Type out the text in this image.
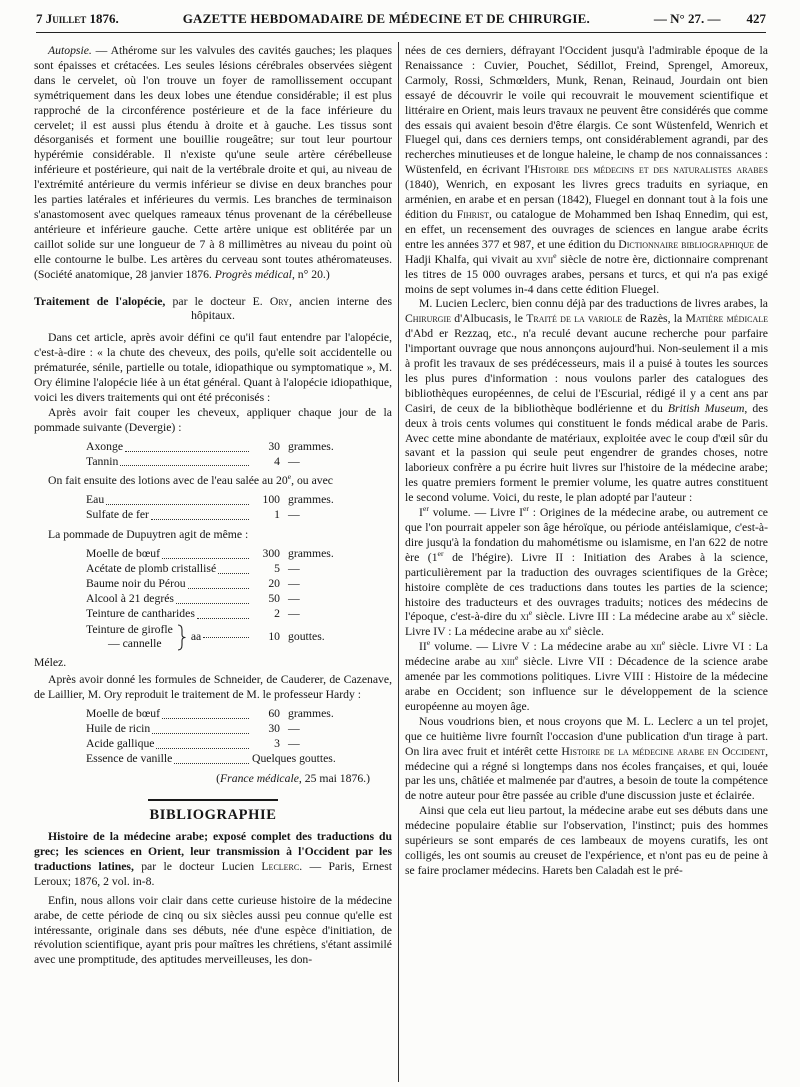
7 Juillet 1876.	GAZETTE HEBDOMADAIRE DE MÉDECINE ET DE CHIRURGIE.	— N° 27. — 427

Autopsie. — Athérome sur les valvules des cavités gauches; les plaques sont épaisses et crétacées. Les seules lésions cérébrales observées siègent dans le cervelet, où l'on trouve un foyer de ramollissement occupant symétriquement dans les deux lobes une étendue considérable; il est plus rapproché de la circonférence postérieure et de la face inférieure du cervelet; il est aussi plus étendu à droite et à gauche. Les tissus sont désorganisés et forment une bouillie rougeâtre; sur tout leur pourtour hypérémie considérable. Il n'existe qu'une seule artère cérébelleuse inférieure et postérieure, qui nait de la vertébrale droite et qui, au niveau de l'extrémité antérieure du vermis inférieur se divise en deux branches pour les parties latérales et inférieures du vermis. Les branches de terminaison s'anastomosent avec quelques rameaux ténus provenant de la cérébelleuse antérieure et inférieure gauche. Cette artère unique est oblitérée par un caillot solide sur une longueur de 7 à 8 millimètres au niveau du point où elle contourne le bulbe. Les artères du cerveau sont toutes athéromateuses. (Société anatomique, 28 janvier 1876. Progrès médical, n° 20.)

Traitement de l'alopécie, par le docteur E. Ory, ancien interne des hôpitaux.

Dans cet article, après avoir défini ce qu'il faut entendre par l'alopécie, c'est-à-dire : « la chute des cheveux, des poils, qu'elle soit accidentelle ou prématurée, sénile, partielle ou totale, idiopathique ou symptomatique », M. Ory élimine l'alopécie liée à un état général. Quant à l'alopécie idiopathique, voici les divers traitements qui ont été préconisés :

Après avoir fait couper les cheveux, appliquer chaque jour de la pommade suivante (Devergie) :

Axonge	30 grammes.
Tannin	4 —

On fait ensuite des lotions avec de l'eau salée au 20e, ou avec

Eau	100 grammes.
Sulfate de fer	1 —

La pommade de Dupuytren agit de même :

Moelle de bœuf	300 grammes.
Acétate de plomb cristallisé	5 —
Baume noir du Pérou	20 —
Alcool à 21 degrés	50 —
Teinture de cantharides	2 —
Teinture de girofle
— cannelle
aa	10 gouttes.

Mélez.

Après avoir donné les formules de Schneider, de Cauderer, de Cazenave, de Laillier, M. Ory reproduit le traitement de M. le professeur Hardy :

Moelle de bœuf	60 grammes.
Huile de ricin	30 —
Acide gallique	3 —
Essence de vanille	Quelques gouttes.

(France médicale, 25 mai 1876.)

BIBLIOGRAPHIE

Histoire de la médecine arabe; exposé complet des traductions du grec; les sciences en Orient, leur transmission à l'Occident par les traductions latines, par le docteur Lucien Leclerc. — Paris, Ernest Leroux; 1876, 2 vol. in-8.

Enfin, nous allons voir clair dans cette curieuse histoire de la médecine arabe, de cette période de cinq ou six siècles aussi peu connue qu'elle est intéressante, originale dans ses débuts, née d'une espèce d'initiation, de révolution scientifique, ayant pris pour maîtres les chrétiens, s'étant assimilé avec une promptitude, des aptitudes merveilleuses, les don-

nées de ces derniers, défrayant l'Occident jusqu'à l'admirable époque de la Renaissance : Cuvier, Pouchet, Sédillot, Freind, Sprengel, Amoreux, Carmoly, Rossi, Schmœlders, Munk, Renan, Reinaud, Jourdain ont bien essayé de découvrir le voile qui recouvrait le mouvement scientifique et littéraire en Orient, mais leurs travaux ne peuvent être considérés que comme des essais qui avaient besoin d'être élargis. Ce sont Wüstenfeld, Wenrich et Fluegel qui, dans ces derniers temps, ont considérablement agrandi, par des recherches minutieuses et de longue haleine, le champ de nos connaissances : Wüstenfeld, en écrivant l'Histoire des médecins et des naturalistes arabes (1840), Wenrich, en exposant les livres grecs traduits en syriaque, en arménien, en arabe et en persan (1842), Fluegel en donnant tout à la fois une édition du Fihrist, ou catalogue de Mohammed ben Ishaq Ennedim, qui est, en effet, un recensement des ouvrages de sciences en langue arabe écrits entre les années 377 et 987, et une édition du Dictionnaire bibliographique de Hadji Khalfa, qui vivait au xvii$^e$ siècle de notre ère, dictionnaire comprenant les titres de 15 000 ouvrages arabes, persans et turcs, et qui n'a pas exigé moins de sept volumes in-4 dans cette édition Fluegel.

M. Lucien Leclerc, bien connu déjà par des traductions de livres arabes, la Chirurgie d'Albucasis, le Traité de la variole de Razès, la Matière médicale d'Abd er Rezzaq, etc., n'a reculé devant aucune recherche pour parfaire l'important ouvrage que nous annonçons aujourd'hui. Non-seulement il a mis à profit les travaux de ses prédécesseurs, mais il a puisé à toutes les sources les plus pures d'information : nous voulons parler des catalogues des bibliothèques européennes, de celui de l'Escurial, rédigé il y a cent ans par Casiri, de ceux de la bibliothèque bodlérienne et du British Museum, des deux à trois cents volumes qui constituent le fonds médical arabe de Paris. Avec cette mine abondante de matériaux, exploitée avec le coup d'œil sûr du savant et la passion qui seule peut engendrer de grandes choses, notre laborieux confrère a pu écrire huit livres sur l'histoire de la médecine arabe; les quatre premiers forment le premier volume, les quatre autres constituent le second volume. Voici, du reste, le plan adopté par l'auteur :

Ier volume. — Livre Ier : Origines de la médecine arabe, ou autrement ce que l'on pourrait appeler son âge héroïque, ou période antéislamique, c'est-à-dire jusqu'à la fondation du mahométisme ou islamisme, en l'an 622 de notre ère (1er de l'hégire). Livre II : Initiation des Arabes à la science, particulièrement par la traduction des ouvrages scientifiques de la Grèce; histoire complète de ces traductions dans toutes les parties de la science; histoire des traducteurs et des ouvrages traduits; notices des médecins de l'époque, c'est-à-dire du $xi^e$ siècle. Livre III : La médecine arabe au $x^e$ siècle. Livre IV : La médecine arabe au $xi^e$ siècle.

IIe volume. — Livre V : La médecine arabe au xii$^e$ siècle. Livre VI : La médecine arabe au xiii$^e$ siècle. Livre VII : Décadence de la science arabe amenée par les commotions politiques. Livre VIII : Histoire de la médecine arabe en Occident; son influence sur le développement de la science européenne au moyen âge.

Nous voudrions bien, et nous croyons que M. L. Leclerc a un tel projet, que ce huitième livre fournît l'occasion d'une publication d'un tirage à part. On lira avec fruit et intérêt cette Histoire de la médecine arabe en Occident, médecine qui a régné si longtemps dans nos écoles françaises, et qui, louée par les uns, châtiée et malmenée par d'autres, a besoin de toute la compétence de notre auteur pour être passée au crible d'une discussion juste et éclairée.

Ainsi que cela eut lieu partout, la médecine arabe eut ses débuts dans une médecine populaire établie sur l'observation, l'instinct; puis des hommes supérieurs se sont emparés de ces lambeaux de moyens curatifs, les ont colligés, les ont soumis au creuset de l'expérience, et n'ont pas eu de peine à se faire proclamer médecins. Harets ben Caladah est le pré-
